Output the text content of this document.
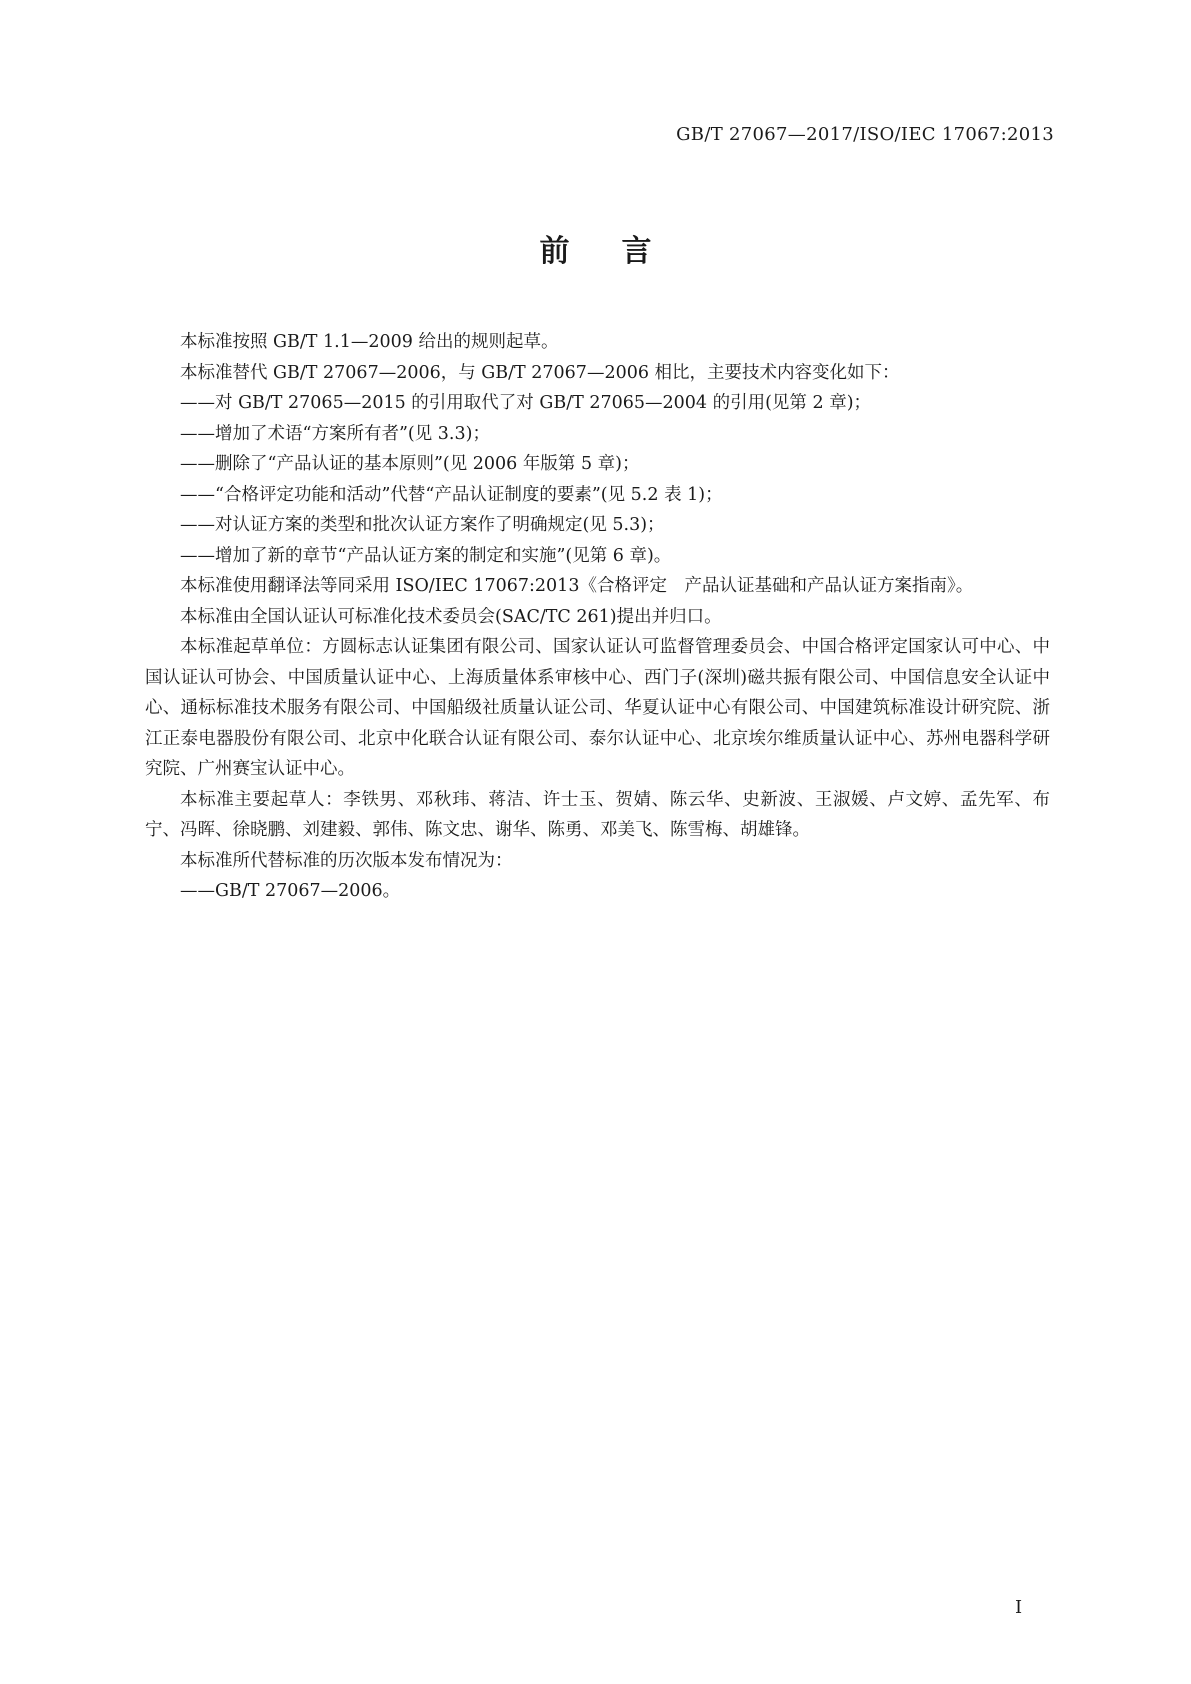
GB/T 27067—2017/ISO/IEC 17067:2013
前言

本标准按照 GB/T 1.1—2009 给出的规则起草。

本标准替代 GB/T 27067—2006，与 GB/T 27067—2006 相比，主要技术内容变化如下：

——对 GB/T 27065—2015 的引用取代了对 GB/T 27065—2004 的引用(见第 2 章)；

——增加了术语“方案所有者”(见 3.3)；

——删除了“产品认证的基本原则”(见 2006 年版第 5 章)；

——“合格评定功能和活动”代替“产品认证制度的要素”(见 5.2 表 1)；

——对认证方案的类型和批次认证方案作了明确规定(见 5.3)；

——增加了新的章节“产品认证方案的制定和实施”(见第 6 章)。

本标准使用翻译法等同采用 ISO/IEC 17067:2013《合格评定　产品认证基础和产品认证方案指南》。

本标准由全国认证认可标准化技术委员会(SAC/TC 261)提出并归口。

本标准起草单位：方圆标志认证集团有限公司、国家认证认可监督管理委员会、中国合格评定国家认可中心、中国认证认可协会、中国质量认证中心、上海质量体系审核中心、西门子(深圳)磁共振有限公司、中国信息安全认证中心、通标标准技术服务有限公司、中国船级社质量认证公司、华夏认证中心有限公司、中国建筑标准设计研究院、浙江正泰电器股份有限公司、北京中化联合认证有限公司、泰尔认证中心、北京埃尔维质量认证中心、苏州电器科学研究院、广州赛宝认证中心。

本标准主要起草人：李铁男、邓秋玮、蒋洁、许士玉、贺婧、陈云华、史新波、王淑媛、卢文婷、孟先军、布宁、冯晖、徐晓鹏、刘建毅、郭伟、陈文忠、谢华、陈勇、邓美飞、陈雪梅、胡雄锋。

本标准所代替标准的历次版本发布情况为：

——GB/T 27067—2006。

I
